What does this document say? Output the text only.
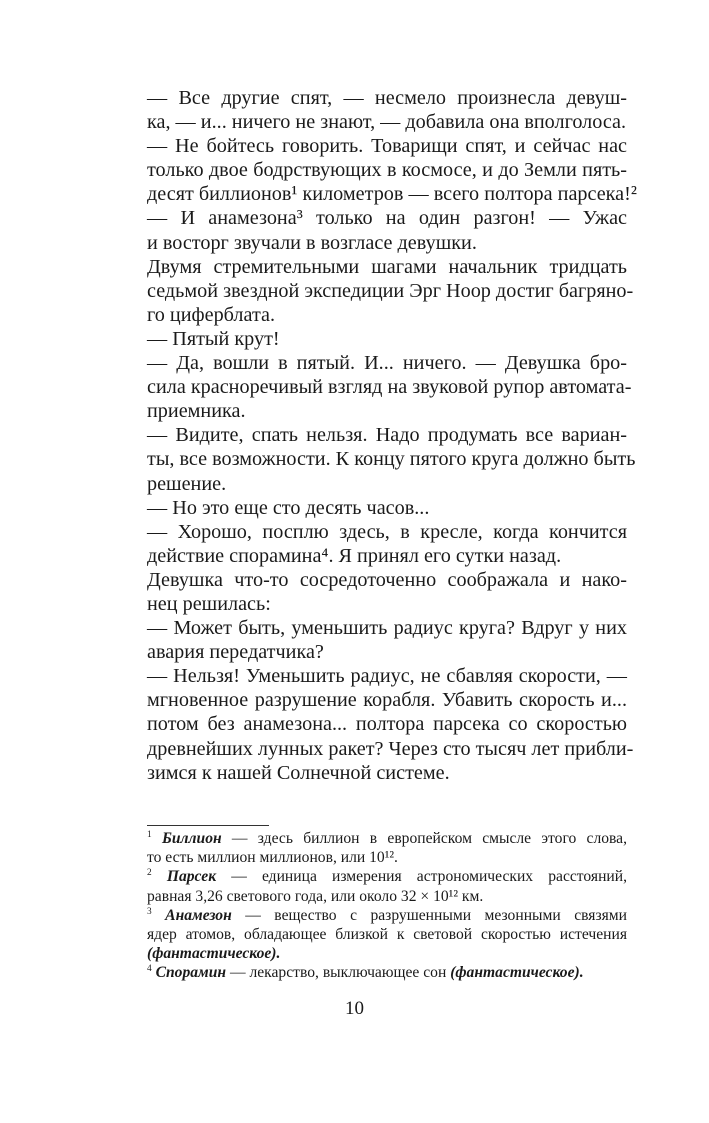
— Все другие спят, — несмело произнесла девуш-
ка, — и... ничего не знают, — добавила она вполголоса.
— Не бойтесь говорить. Товарищи спят, и сейчас нас
только двое бодрствующих в космосе, и до Земли пять-
десят биллионов¹ километров — всего полтора парсека!²
— И анамезона³ только на один разгон! — Ужас
и восторг звучали в возгласе девушки.
Двумя стремительными шагами начальник тридцать
седьмой звездной экспедиции Эрг Ноор достиг багряно-
го циферблата.
— Пятый крут!
— Да, вошли в пятый. И... ничего. — Девушка бро-
сила красноречивый взгляд на звуковой рупор автомата-
приемника.
— Видите, спать нельзя. Надо продумать все вариан-
ты, все возможности. К концу пятого круга должно быть
решение.
— Но это еще сто десять часов...
— Хорошо, посплю здесь, в кресле, когда кончится
действие спорамина⁴. Я принял его сутки назад.
Девушка что-то сосредоточенно соображала и нако-
нец решилась:
— Может быть, уменьшить радиус круга? Вдруг у них
авария передатчика?
— Нельзя! Уменьшить радиус, не сбавляя скорости, —
мгновенное разрушение корабля. Убавить скорость и...
потом без анамезона... полтора парсека со скоростью
древнейших лунных ракет? Через сто тысяч лет прибли-
зимся к нашей Солнечной системе.
$^1$ Биллион — здесь биллион в европейском смысле этого слова,
то есть миллион миллионов, или 10¹².
$^2$ Парсек — единица измерения астрономических расстояний,
равная 3,26 светового года, или около 32 × 10¹² км.
$^3$ Анамезон — вещество с разрушенными мезонными связями
ядер атомов, обладающее близкой к световой скоростью истечения
(фантастическое).
$^4$ Спорамин — лекарство, выключающее сон (фантастическое).
10
